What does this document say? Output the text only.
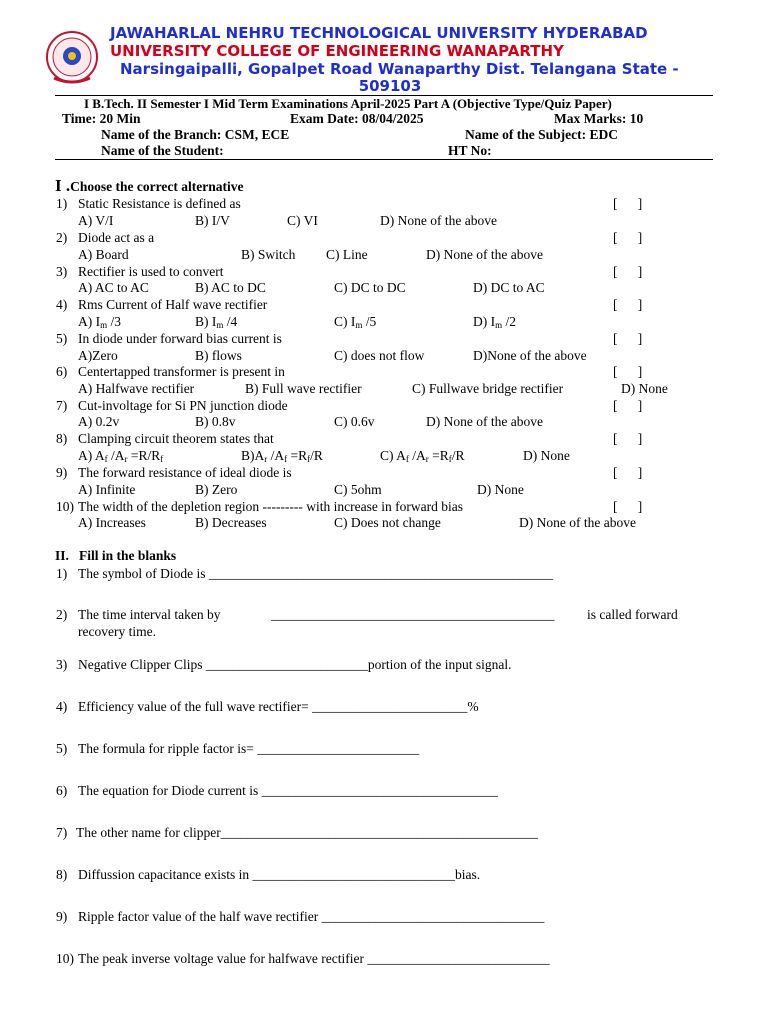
JAWAHARLAL NEHRU TECHNOLOGICAL UNIVERSITY HYDERABAD
UNIVERSITY COLLEGE OF ENGINEERING WANAPARTHY
Narsingaipalli, Gopalpet Road Wanaparthy Dist. Telangana State -
509103
I B.Tech. II Semester I Mid Term Examinations April-2025 Part A (Objective Type/Quiz Paper)
Time: 20 Min	Exam Date: 08/04/2025	Max Marks: 10
Name of the Branch: CSM, ECE	Name of the Subject: EDC
Name of the Student:	HT No:
I .Choose the correct alternative
1) Static Resistance is defined as	[      ]
A) V/I	B) I/V	C) VI	D) None of the above
2) Diode act as a	[      ]
A) Board	B) Switch C) Line	D) None of the above
3) Rectifier is used to convert	[      ]
A) AC to AC	B) AC to DC	C) DC to DC	D) DC to AC
4) Rms Current of Half wave rectifier	[      ]
A) $I_m$ /3	B) $I_m$ /4	C) $I_m$ /5	D) $I_m$ /2
5) In diode under forward bias current is	[      ]
A)Zero	B) flows	C) does not flow	D)None of the above
6) Centertapped transformer is present in	[      ]
A) Halfwave rectifier	B) Full wave rectifier	C) Fullwave bridge rectifier	D) None
7) Cut-involtage for Si PN junction diode	[      ]
A) 0.2v	B) 0.8v	C) 0.6v	D) None of the above
8) Clamping circuit theorem states that	[      ]
A) $A_f$ $/A_r =R/R_f$	$B)A_r$ $/A_f =R_f/R$	C) $A_f$ $/A_r =R_f/R$	D) None
9) The forward resistance of ideal diode is	[      ]
A) Infinite	B) Zero	C) 5ohm	D) None
10) The width of the depletion region --------- with increase in forward bias	[      ]
A) Increases	B) Decreases	C) Does not change	D) None of the above
II. Fill in the blanks
1) The symbol of Diode is ___________________________________________________
2) The time interval taken by	__________________________________________ is called forward
recovery time.
3) Negative Clipper Clips ________________________portion of the input signal.
4) Efficiency value of the full wave rectifier= _______________________%
5) The formula for ripple factor is= ________________________
6) The equation for Diode current is ___________________________________
7) The other name for clipper_______________________________________________
8) Diffussion capacitance exists in ______________________________bias.
9) Ripple factor value of the half wave rectifier _________________________________
10) The peak inverse voltage value for halfwave rectifier ___________________________
